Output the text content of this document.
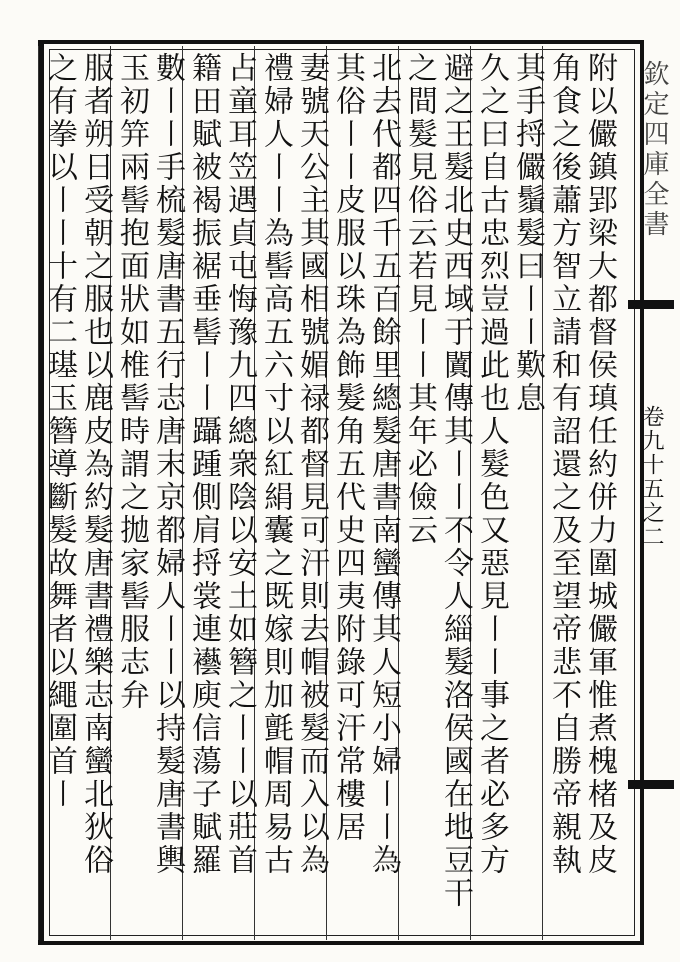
欽定四庫全書
卷九十五之二
附以儼鎮郢梁大都督侯瑱任約併力圍城儼軍惟煮槐楮及皮
角食之後蕭方智立請和有詔還之及至望帝悲不自勝帝親執
其手捋儼鬚髮曰〡〡歎息
久之曰自古忠烈豈過此也人髮色又惡見〡〡事之者必多方
避之王髮北史西域于闐傳其〡〡不令人緇髮洛侯國在地豆干
之間髮見俗云若見〡〡其年必儉云
北去代都四千五百餘里總髮唐書南蠻傳其人短小婦〡〡為
其俗〡〡皮服以珠為飾髮角五代史四夷附錄可汗常樓居
妻號天公主其國相號媚禄都督見可汗則去帽被髮而入以為
禮婦人〡〡為髻高五六寸以紅絹囊之既嫁則加氈帽周易古
占童耳笠遇貞屯悔豫九四總衆陰以安土如簪之〡〡以莊首
籍田賦被褐振裾垂髻〡〡躡踵側肩捋裳連襼庾信蕩子賦羅
數〡〡手梳髮唐書五行志唐末京都婦人〡〡以持髮唐書輿
玉初笄兩髻抱面狀如椎髻時謂之拋家髻服志弁
服者朔日受朝之服也以鹿皮為約髮唐書禮樂志南蠻北狄俗
之有拳以〡〡十有二璂玉簪導斷髮故舞者以繩圍首〡
